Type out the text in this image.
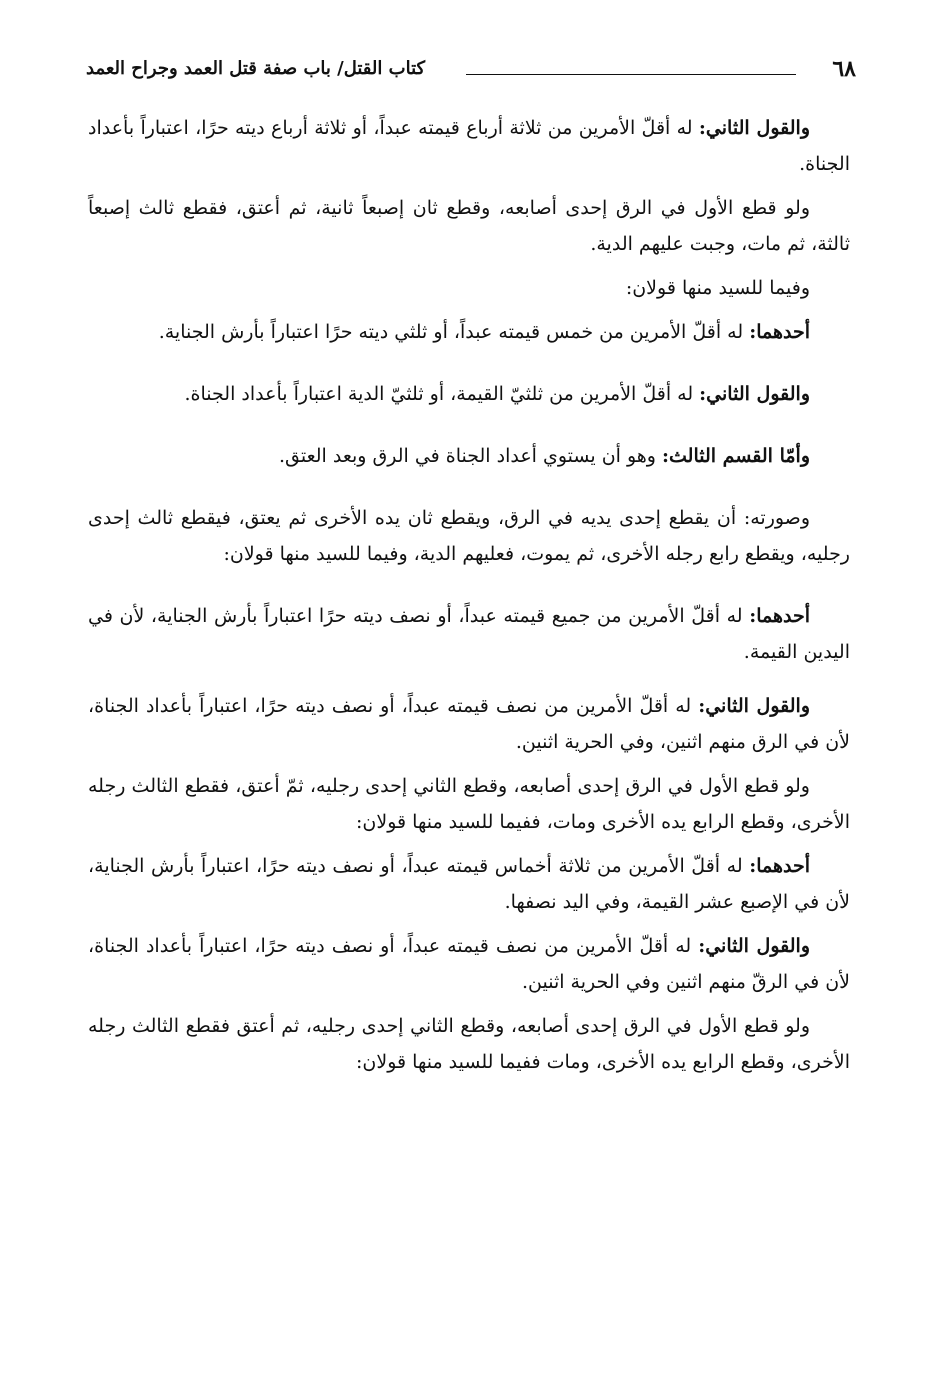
٦٨
كتاب القتل/ باب صفة قتل العمد وجراح العمد

والقول الثاني: له أقلّ الأمرين من ثلاثة أرباع قيمته عبداً، أو ثلاثة أرباع ديته حرًا، اعتباراً بأعداد الجناة.

ولو قطع الأول في الرق إحدى أصابعه، وقطع ثان إصبعاً ثانية، ثم أعتق، فقطع ثالث إصبعاً ثالثة، ثم مات، وجبت عليهم الدية.

وفيما للسيد منها قولان:

أحدهما: له أقلّ الأمرين من خمس قيمته عبداً، أو ثلثي ديته حرًا اعتباراً بأرش الجناية.

والقول الثاني: له أقلّ الأمرين من ثلثيّ القيمة، أو ثلثيّ الدية اعتباراً بأعداد الجناة.

وأمّا القسم الثالث: وهو أن يستوي أعداد الجناة في الرق وبعد العتق.

وصورته: أن يقطع إحدى يديه في الرق، ويقطع ثان يده الأخرى ثم يعتق، فيقطع ثالث إحدى رجليه، ويقطع رابع رجله الأخرى، ثم يموت، فعليهم الدية، وفيما للسيد منها قولان:

أحدهما: له أقلّ الأمرين من جميع قيمته عبداً، أو نصف ديته حرًا اعتباراً بأرش الجناية، لأن في اليدين القيمة.

والقول الثاني: له أقلّ الأمرين من نصف قيمته عبداً، أو نصف ديته حرًا، اعتباراً بأعداد الجناة، لأن في الرق منهم اثنين، وفي الحرية اثنين.

ولو قطع الأول في الرق إحدى أصابعه، وقطع الثاني إحدى رجليه، ثمّ أعتق، فقطع الثالث رجله الأخرى، وقطع الرابع يده الأخرى ومات، ففيما للسيد منها قولان:

أحدهما: له أقلّ الأمرين من ثلاثة أخماس قيمته عبداً، أو نصف ديته حرًا، اعتباراً بأرش الجناية، لأن في الإصبع عشر القيمة، وفي اليد نصفها.

والقول الثاني: له أقلّ الأمرين من نصف قيمته عبداً، أو نصف ديته حرًا، اعتباراً بأعداد الجناة، لأن في الرقّ منهم اثنين وفي الحرية اثنين.

ولو قطع الأول في الرق إحدى أصابعه، وقطع الثاني إحدى رجليه، ثم أعتق فقطع الثالث رجله الأخرى، وقطع الرابع يده الأخرى، ومات ففيما للسيد منها قولان:
